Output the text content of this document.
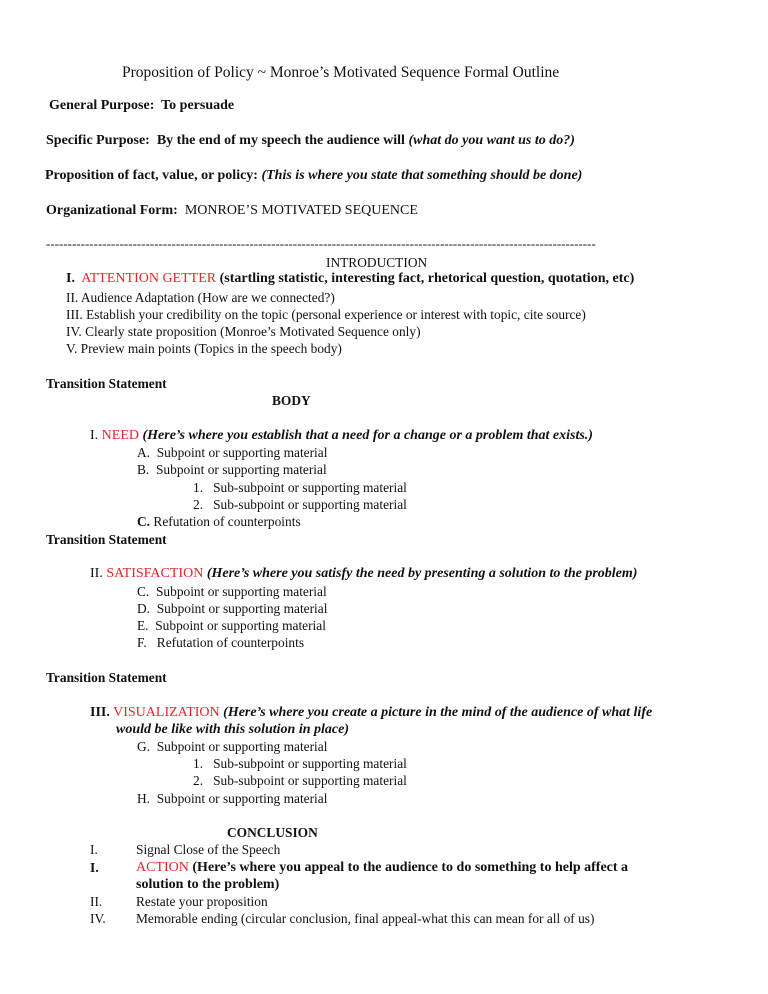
Proposition of Policy ~ Monroe’s Motivated Sequence Formal Outline
General Purpose: To persuade
Specific Purpose: By the end of my speech the audience will (what do you want us to do?)
Proposition of fact, value, or policy: (This is where you state that something should be done)
Organizational Form: MONROE’S MOTIVATED SEQUENCE
-------------------------------------------------------------------------------------------------------------------------------
INTRODUCTION
I. ATTENTION GETTER (startling statistic, interesting fact, rhetorical question, quotation, etc)
II. Audience Adaptation (How are we connected?)
III. Establish your credibility on the topic (personal experience or interest with topic, cite source)
IV. Clearly state proposition (Monroe’s Motivated Sequence only)
V. Preview main points (Topics in the speech body)
Transition Statement
BODY
I. NEED (Here’s where you establish that a need for a change or a problem that exists.)
A. Subpoint or supporting material
B. Subpoint or supporting material
1. Sub-subpoint or supporting material
2. Sub-subpoint or supporting material
C. Refutation of counterpoints
Transition Statement
II. SATISFACTION (Here’s where you satisfy the need by presenting a solution to the problem)
C. Subpoint or supporting material
D. Subpoint or supporting material
E. Subpoint or supporting material
F. Refutation of counterpoints
Transition Statement
III. VISUALIZATION (Here’s where you create a picture in the mind of the audience of what life
would be like with this solution in place)
G. Subpoint or supporting material
1. Sub-subpoint or supporting material
2. Sub-subpoint or supporting material
H. Subpoint or supporting material
CONCLUSION
I.	Signal Close of the Speech
I.	ACTION (Here’s where you appeal to the audience to do something to help affect a
solution to the problem)
II.	Restate your proposition
IV. Memorable ending (circular conclusion, final appeal-what this can mean for all of us)
